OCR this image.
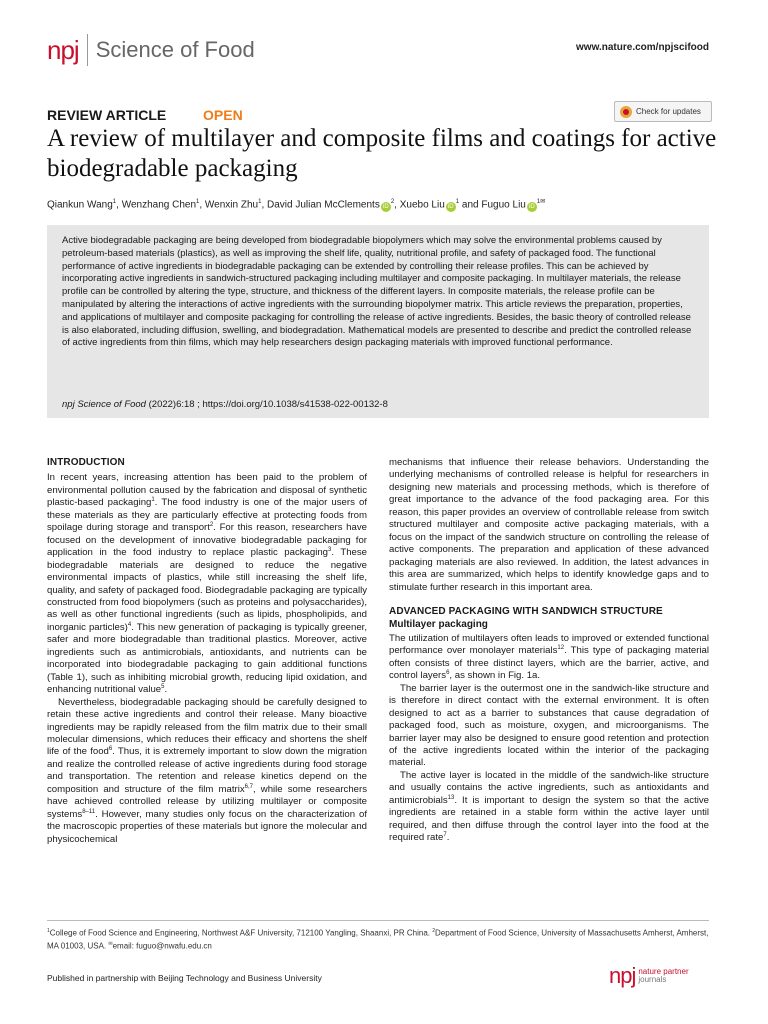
npj Science of Food	www.nature.com/npjscifood
REVIEW ARTICLE	OPEN	Check for updates
A review of multilayer and composite films and coatings for active biodegradable packaging
Qiankun Wang$^1$, Wenzhang Chen$^1$, Wenxin Zhu$^1$, David Julian McClements $iD^2$, Xuebo Liu $iD^1$ and Fuguo Liu $iD^{1✉}$

Active biodegradable packaging are being developed from biodegradable biopolymers which may solve the environmental problems caused by petroleum-based materials (plastics), as well as improving the shelf life, quality, nutritional profile, and safety of packaged food. The functional performance of active ingredients in biodegradable packaging can be extended by controlling their release profiles. This can be achieved by incorporating active ingredients in sandwich-structured packaging including multilayer and composite packaging. In multilayer materials, the release profile can be controlled by altering the type, structure, and thickness of the different layers. In composite materials, the release profile can be manipulated by altering the interactions of active ingredients with the surrounding biopolymer matrix. This article reviews the preparation, properties, and applications of multilayer and composite packaging for controlling the release of active ingredients. Besides, the basic theory of controlled release is also elaborated, including diffusion, swelling, and biodegradation. Mathematical models are presented to describe and predict the controlled release of active ingredients from thin films, which may help researchers design packaging materials with improved functional performance.

npj Science of Food (2022)6:18 ; https://doi.org/10.1038/s41538-022-00132-8
INTRODUCTION

In recent years, increasing attention has been paid to the problem of environmental pollution caused by the fabrication and disposal of synthetic plastic-based packaging$^1$. The food industry is one of the major users of these materials as they are particularly effective at protecting foods from spoilage during storage and transport$^2$. For this reason, researchers have focused on the development of innovative biodegradable packaging for application in the food industry to replace plastic packaging$^3$. These biodegradable materials are designed to reduce the negative environmental impacts of plastics, while still increasing the shelf life, quality, and safety of packaged food. Biodegradable packaging are typically constructed from food biopolymers (such as proteins and polysaccharides), as well as other functional ingredients (such as lipids, phospholipids, and inorganic particles)$^4$. This new generation of packaging is typically greener, safer and more biodegradable than traditional plastics. Moreover, active ingredients such as antimicrobials, antioxidants, and nutrients can be incorporated into biodegradable packaging to gain additional functions (Table 1), such as inhibiting microbial growth, reducing lipid oxidation, and enhancing nutritional value$^5$.

Nevertheless, biodegradable packaging should be carefully designed to retain these active ingredients and control their release. Many bioactive ingredients may be rapidly released from the film matrix due to their small molecular dimensions, which reduces their efficacy and shortens the shelf life of the food$^6$. Thus, it is extremely important to slow down the migration and realize the controlled release of active ingredients during food storage and transportation. The retention and release kinetics depend on the composition and structure of the film matrix$^{6,7}$, while some researchers have achieved controlled release by utilizing multilayer or composite systems$^{8-11}$. However, many studies only focus on the characterization of the macroscopic properties of these materials but ignore the molecular and physicochemical

mechanisms that influence their release behaviors. Understanding the underlying mechanisms of controlled release is helpful for researchers in designing new materials and processing methods, which is therefore of great importance to the advance of the food packaging area. For this reason, this paper provides an overview of controllable release from switch structured multilayer and composite active packaging materials, with a focus on the impact of the sandwich structure on controlling the release of active components. The preparation and application of these advanced packaging materials are also reviewed. In addition, the latest advances in this area are summarized, which helps to identify knowledge gaps and to stimulate further research in this important area.

ADVANCED PACKAGING WITH SANDWICH STRUCTURE
Multilayer packaging

The utilization of multilayers often leads to improved or extended functional performance over monolayer materials$^{12}$. This type of packaging material often consists of three distinct layers, which are the barrier, active, and control layers$^6$, as shown in Fig. 1a.

The barrier layer is the outermost one in the sandwich-like structure and is therefore in direct contact with the external environment. It is often designed to act as a barrier to substances that cause degradation of packaged food, such as moisture, oxygen, and microorganisms. The barrier layer may also be designed to ensure good retention and protection of the active ingredients located within the interior of the packaging material.

The active layer is located in the middle of the sandwich-like structure and usually contains the active ingredients, such as antioxidants and antimicrobials$^{13}$. It is important to design the system so that the active ingredients are retained in a stable form within the active layer until required, and then diffuse through the control layer into the food at the required rate$^7$.

$^1$College of Food Science and Engineering, Northwest A&F University, 712100 Yangling, Shaanxi, PR China. $^2$Department of Food Science, University of Massachusetts Amherst, Amherst, MA 01003, USA. ✉email: fuguo@nwafu.edu.cn
Published in partnership with Beijing Technology and Business University	npj nature partner
journals
